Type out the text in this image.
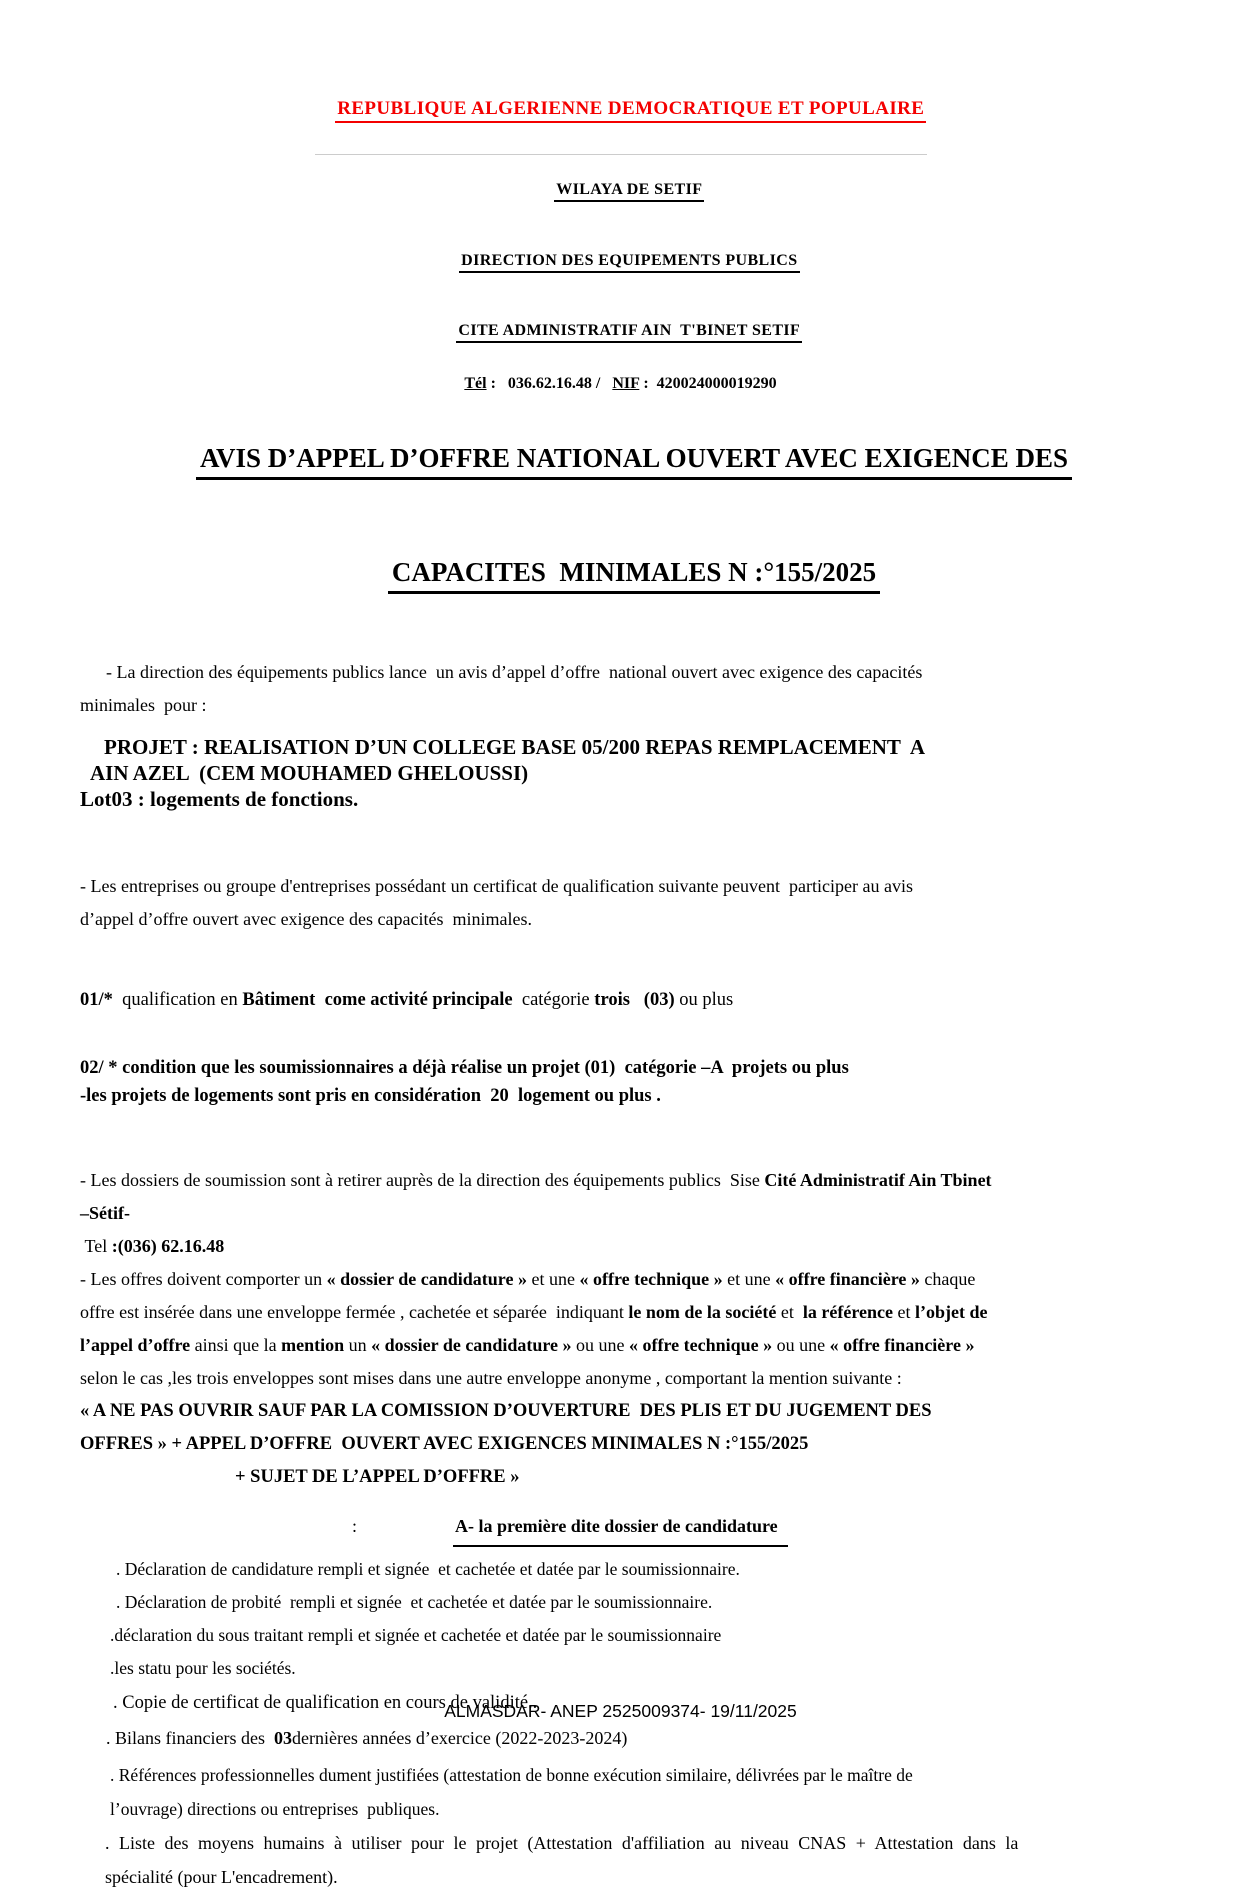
REPUBLIQUE ALGERIENNE DEMOCRATIQUE ET POPULAIRE

WILAYA DE SETIF

DIRECTION DES EQUIPEMENTS PUBLICS

CITE ADMINISTRATIF AIN  T'BINET SETIF

Tél :   036.62.16.48 /   NIF :  420024000019290

AVIS D’APPEL D’OFFRE NATIONAL OUVERT AVEC EXIGENCE DES

CAPACITES  MINIMALES N :°155/2025

- La direction des équipements publics lance  un avis d’appel d’offre  national ouvert avec exigence des capacités
minimales  pour :
PROJET : REALISATION D’UN COLLEGE BASE 05/200 REPAS REMPLACEMENT  A
AIN AZEL  (CEM MOUHAMED GHELOUSSI)
Lot03 : logements de fonctions.
- Les entreprises ou groupe d'entreprises possédant un certificat de qualification suivante peuvent  participer au avis
d’appel d’offre ouvert avec exigence des capacités  minimales.
01/*  qualification en Bâtiment  come activité principale  catégorie trois (03) ou plus
02/ * condition que les soumissionnaires a déjà réalise un projet (01)  catégorie –A  projets ou plus
-les projets de logements sont pris en considération  20  logement ou plus .
- Les dossiers de soumission sont à retirer auprès de la direction des équipements publics  Sise Cité Administratif Ain Tbinet
–Sétif-
Tel :(036) 62.16.48
- Les offres doivent comporter un « dossier de candidature » et une « offre technique » et une « offre financière » chaque
offre est insérée dans une enveloppe fermée , cachetée et séparée  indiquant le nom de la société et  la référence et l’objet de
l’appel d’offre ainsi que la mention un « dossier de candidature » ou une « offre technique » ou une « offre financière »
selon le cas ,les trois enveloppes sont mises dans une autre enveloppe anonyme , comportant la mention suivante :
« A NE PAS OUVRIR SAUF PAR LA COMISSION D’OUVERTURE  DES PLIS ET DU JUGEMENT DES
OFFRES » + APPEL D’OFFRE  OUVERT AVEC EXIGENCES MINIMALES N :°155/2025
+ SUJET DE L’APPEL D’OFFRE »
:	A- la première dite dossier de candidature
. Déclaration de candidature rempli et signée  et cachetée et datée par le soumissionnaire.
. Déclaration de probité  rempli et signée  et cachetée et datée par le soumissionnaire.
.déclaration du sous traitant rempli et signée et cachetée et datée par le soumissionnaire
.les statu pour les sociétés.
. Copie de certificat de qualification en cours de validité..
. Bilans financiers des  03dernières années d’exercice (2022-2023-2024)
. Références professionnelles dument justifiées (attestation de bonne exécution similaire, délivrées par le maître de
l’ouvrage) directions ou entreprises  publiques.
. Liste des moyens humains à utiliser pour le projet (Attestation d'affiliation au niveau CNAS + Attestation dans la
spécialité (pour L'encadrement).
ALMASDAR- ANEP 2525009374- 19/11/2025
